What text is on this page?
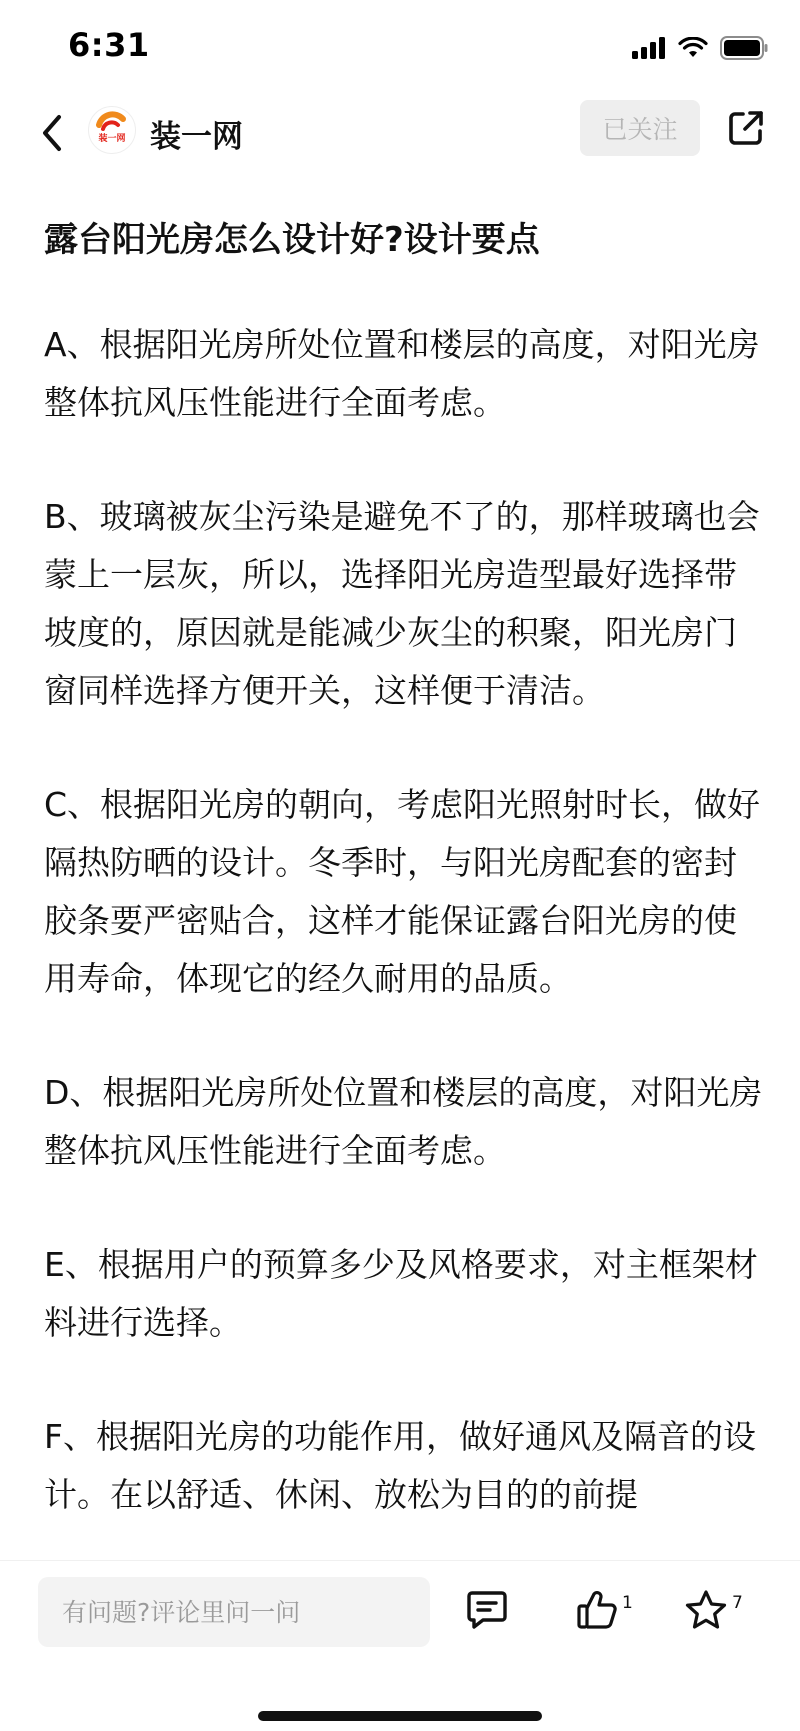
6:31
装一网 装一网	已关注
露台阳光房怎么设计好?设计要点

A、根据阳光房所处位置和楼层的高度，对阳光房整体抗风压性能进行全面考虑。

B、玻璃被灰尘污染是避免不了的，那样玻璃也会蒙上一层灰，所以，选择阳光房造型最好选择带坡度的，原因就是能减少灰尘的积聚，阳光房门窗同样选择方便开关，这样便于清洁。

C、根据阳光房的朝向，考虑阳光照射时长，做好隔热防晒的设计。冬季时，与阳光房配套的密封胶条要严密贴合，这样才能保证露台阳光房的使用寿命，体现它的经久耐用的品质。

D、根据阳光房所处位置和楼层的高度，对阳光房整体抗风压性能进行全面考虑。

E、根据用户的预算多少及风格要求，对主框架材料进行选择。

F、根据阳光房的功能作用，做好通风及隔音的设计。在以舒适、休闲、放松为目的的前提

有问题?评论里问一问
1	7
